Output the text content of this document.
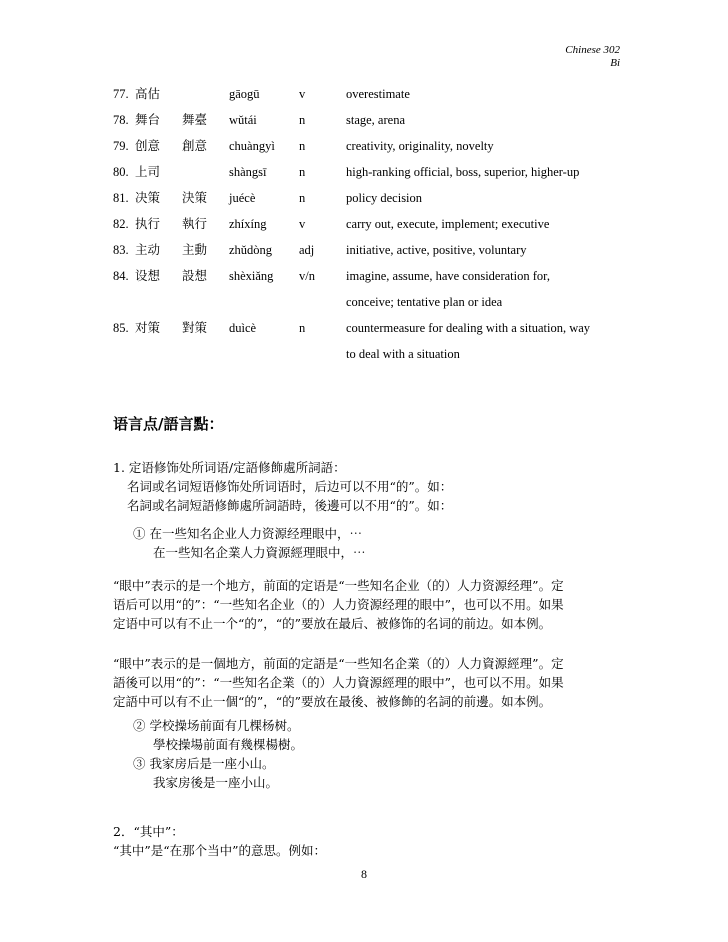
Chinese 302
Bi
77. 高估	gāogū	v	overestimate
78. 舞台 舞臺 wǔtái	n	stage, arena
79. 创意 創意 chuàngyì n	creativity, originality, novelty
80. 上司	shàngsī	n	high-ranking official, boss, superior, higher-up
81. 决策 決策 juécè	n	policy decision
82. 执行 執行 zhíxíng	v	carry out, execute, implement; executive
83. 主动 主動 zhǔdòng adj	initiative, active, positive, voluntary
84. 设想 設想 shèxiǎng v/n imagine, assume, have consideration for,
conceive; tentative plan or idea
85. 对策 對策 duìcè	n	countermeasure for dealing with a situation, way
to deal with a situation
语言点/語言點：
1. 定语修饰处所词语/定語修飾處所詞語：
名词或名词短语修饰处所词语时，后边可以不用“的”。如：
名詞或名詞短語修飾處所詞語時，後邊可以不用“的”。如：
① 在一些知名企业人力资源经理眼中，⋯
在一些知名企業人力資源經理眼中，⋯
“眼中”表示的是一个地方，前面的定语是“一些知名企业（的）人力资源经理”。定
语后可以用“的”：“一些知名企业（的）人力资源经理的眼中”，也可以不用。如果
定语中可以有不止一个“的”，“的”要放在最后、被修饰的名词的前边。如本例。
“眼中”表示的是一個地方，前面的定語是“一些知名企業（的）人力資源經理”。定
語後可以用“的”：“一些知名企業（的）人力資源經理的眼中”，也可以不用。如果
定語中可以有不止一個“的”，“的”要放在最後、被修飾的名詞的前邊。如本例。
② 学校操场前面有几棵杨树。
學校操場前面有幾棵楊樹。
③ 我家房后是一座小山。
我家房後是一座小山。
2．“其中”：
“其中”是“在那个当中”的意思。例如：
8
